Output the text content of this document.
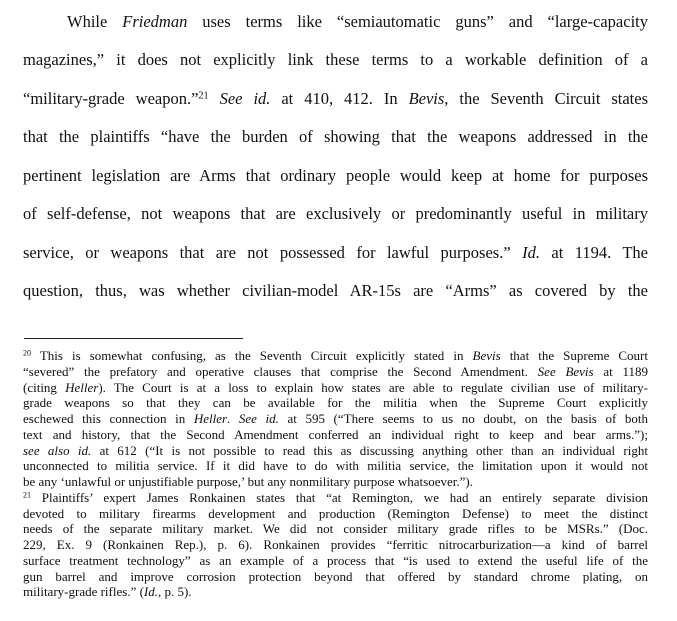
While Friedman uses terms like “semiautomatic guns” and “large-capacity
magazines,” it does not explicitly link these terms to a workable definition of a
“military-grade weapon.”$^{21}$ See id. at 410, 412. In Bevis, the Seventh Circuit states
that the plaintiffs “have the burden of showing that the weapons addressed in the
pertinent legislation are Arms that ordinary people would keep at home for purposes
of self-defense, not weapons that are exclusively or predominantly useful in military
service, or weapons that are not possessed for lawful purposes.” Id. at 1194. The
question, thus, was whether civilian-model AR-15s are “Arms” as covered by the
$^{20}$ This is somewhat confusing, as the Seventh Circuit explicitly stated in Bevis that the Supreme Court
“severed” the prefatory and operative clauses that comprise the Second Amendment. See Bevis at 1189
(citing Heller). The Court is at a loss to explain how states are able to regulate civilian use of military-
grade weapons so that they can be available for the militia when the Supreme Court explicitly
eschewed this connection in Heller. See id. at 595 (“There seems to us no doubt, on the basis of both
text and history, that the Second Amendment conferred an individual right to keep and bear arms.”);
see also id. at 612 (“It is not possible to read this as discussing anything other than an individual right
unconnected to militia service. If it did have to do with militia service, the limitation upon it would not
be any ‘unlawful or unjustifiable purpose,’ but any nonmilitary purpose whatsoever.”).
$^{21}$ Plaintiffs’ expert James Ronkainen states that “at Remington, we had an entirely separate division
devoted to military firearms development and production (Remington Defense) to meet the distinct
needs of the separate military market. We did not consider military grade rifles to be MSRs.” (Doc.
229, Ex. 9 (Ronkainen Rep.), p. 6). Ronkainen provides “ferritic nitrocarburization—a kind of barrel
surface treatment technology” as an example of a process that “is used to extend the useful life of the
gun barrel and improve corrosion protection beyond that offered by standard chrome plating, on
military-grade rifles.” (Id., p. 5).
